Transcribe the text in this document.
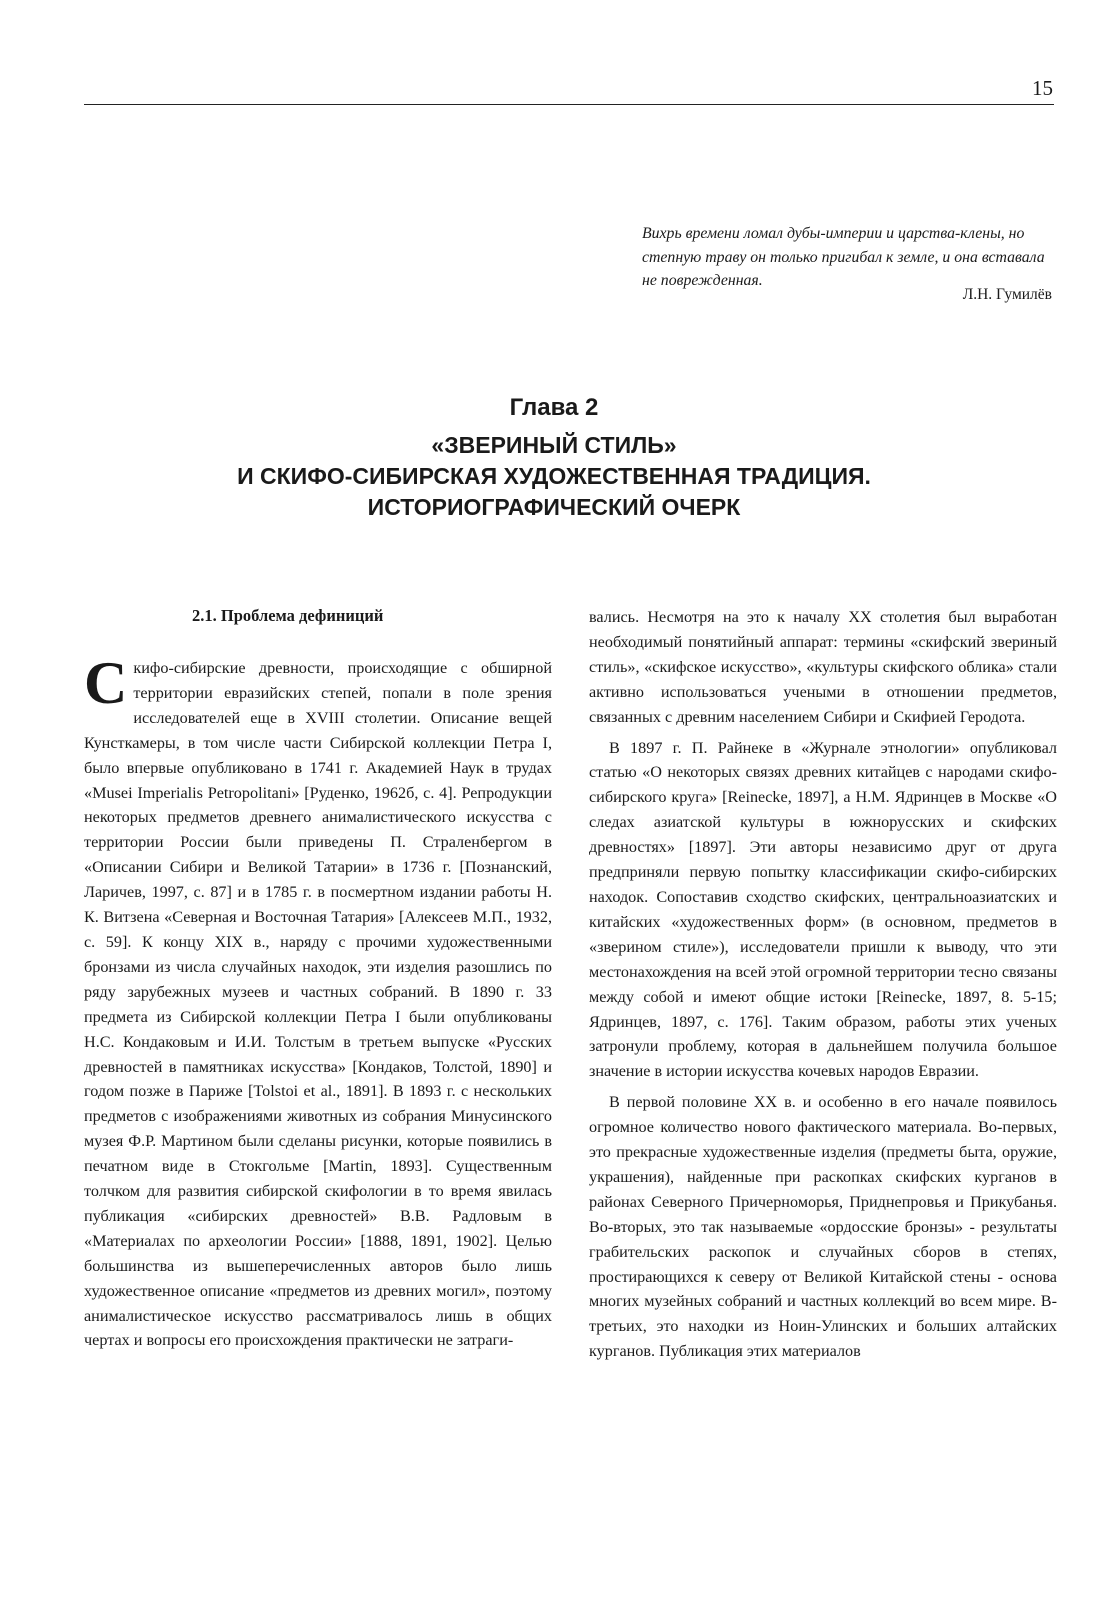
15
Вихрь времени ломал дубы-империи и царства-клены, но степную траву он только пригибал к земле, и она вставала не поврежденная.
Л.Н. Гумилёв
Глава 2
«ЗВЕРИНЫЙ СТИЛЬ»
И СКИФО-СИБИРСКАЯ ХУДОЖЕСТВЕННАЯ ТРАДИЦИЯ.
ИСТОРИОГРАФИЧЕСКИЙ ОЧЕРК
2.1. Проблема дефиниций

Скифо-сибирские древности, происходящие с обширной территории евразийских степей, попали в поле зрения исследователей еще в XVIII столетии. Описание вещей Кунсткамеры, в том числе части Сибирской коллекции Петра I, было впервые опубликовано в 1741 г. Академией Наук в трудах «Musei Imperialis Petropolitani» [Руденко, 1962б, с. 4]. Репродукции некоторых предметов древнего анималистического искусства с территории России были приведены П. Страленбергом в «Описании Сибири и Великой Татарии» в 1736 г. [Познанский, Ларичев, 1997, с. 87] и в 1785 г. в посмертном издании работы Н. К. Витзена «Северная и Восточная Татария» [Алексеев М.П., 1932, с. 59]. К концу XIX в., наряду с прочими художественными бронзами из числа случайных находок, эти изделия разошлись по ряду зарубежных музеев и частных собраний. В 1890 г. 33 предмета из Сибирской коллекции Петра I были опубликованы Н.С. Кондаковым и И.И. Толстым в третьем выпуске «Русских древностей в памятниках искусства» [Кондаков, Толстой, 1890] и годом позже в Париже [Tolstoi et al., 1891]. В 1893 г. с нескольких предметов с изображениями животных из собрания Минусинского музея Ф.Р. Мартином были сделаны рисунки, которые появились в печатном виде в Стокгольме [Martin, 1893]. Существенным толчком для развития сибирской скифологии в то время явилась публикация «сибирских древностей» В.В. Радловым в «Материалах по археологии России» [1888, 1891, 1902]. Целью большинства из вышеперечисленных авторов было лишь художественное описание «предметов из древних могил», поэтому анималистическое искусство рассматривалось лишь в общих чертах и вопросы его происхождения практически не затраги-

вались. Несмотря на это к началу XX столетия был выработан необходимый понятийный аппарат: термины «скифский звериный стиль», «скифское искусство», «культуры скифского облика» стали активно использоваться учеными в отношении предметов, связанных с древним населением Сибири и Скифией Геродота.

В 1897 г. П. Райнеке в «Журнале этнологии» опубликовал статью «О некоторых связях древних китайцев с народами скифо-сибирского круга» [Reinecke, 1897], а Н.М. Ядринцев в Москве «О следах азиатской культуры в южнорусских и скифских древностях» [1897]. Эти авторы независимо друг от друга предприняли первую попытку классификации скифо-сибирских находок. Сопоставив сходство скифских, центральноазиатских и китайских «художественных форм» (в основном, предметов в «зверином стиле»), исследователи пришли к выводу, что эти местонахождения на всей этой огромной территории тесно связаны между собой и имеют общие истоки [Reinecke, 1897, 8. 5-15; Ядринцев, 1897, с. 176]. Таким образом, работы этих ученых затронули проблему, которая в дальнейшем получила большое значение в истории искусства кочевых народов Евразии.

В первой половине XX в. и особенно в его начале появилось огромное количество нового фактического материала. Во-первых, это прекрасные художественные изделия (предметы быта, оружие, украшения), найденные при раскопках скифских курганов в районах Северного Причерноморья, Приднепровья и Прикубанья. Во-вторых, это так называемые «ордосские бронзы» - результаты грабительских раскопок и случайных сборов в степях, простирающихся к северу от Великой Китайской стены - основа многих музейных собраний и частных коллекций во всем мире. В-третьих, это находки из Ноин-Улинских и больших алтайских курганов. Публикация этих материалов
